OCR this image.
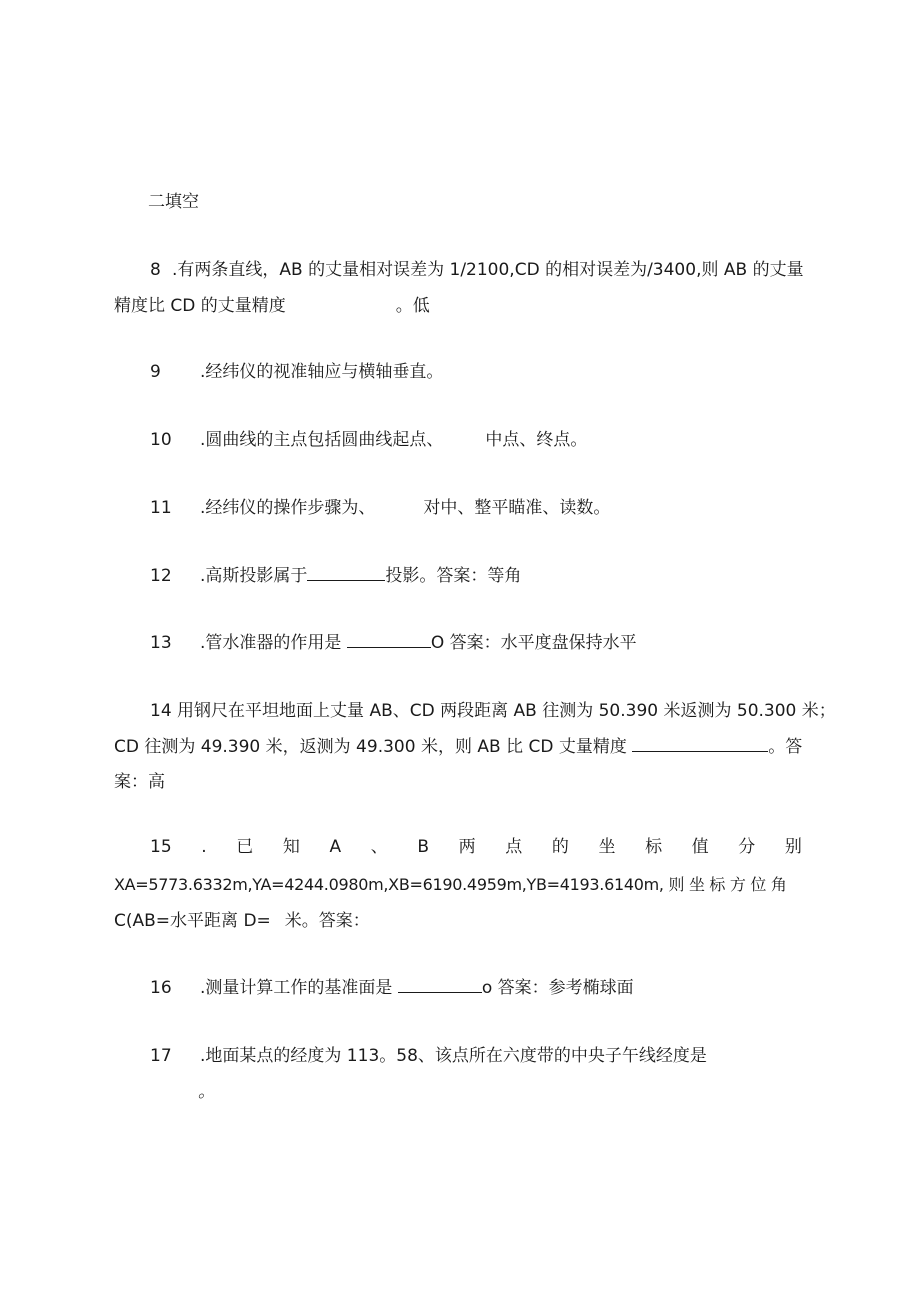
二填空
8 .有两条直线，AB 的丈量相对误差为 1/2100,CD 的相对误差为/3400,则 AB 的丈量
精度比 CD 的丈量精度	。低
9 .经纬仪的视准轴应与横轴垂直。
10 .圆曲线的主点包括圆曲线起点、 中点、终点。
11 .经纬仪的操作步骤为、	对中、整平瞄准、读数。
12 .高斯投影属于	投影。答案：等角
13 .管水准器的作用是	O 答案：水平度盘保持水平
14 用钢尺在平坦地面上丈量 AB、CD 两段距离 AB 往测为 50.390 米返测为 50.300 米；
CD 往测为 49.390 米，返测为 49.300 米，则 AB 比 CD 丈量精度	。答
案：高
15 . 已 知 A 、 B 两 点 的 坐 标 值 分 别
XA=5773.6332m,YA=4244.0980m,XB=6190.4959m,YB=4193.6140m, 则 坐 标 方 位 角
C(AB=水平距离 D= 米。答案：
16 .测量计算工作的基准面是	o 答案：参考椭球面
17 .地面某点的经度为 113。58、该点所在六度带的中央子午线经度是
。
